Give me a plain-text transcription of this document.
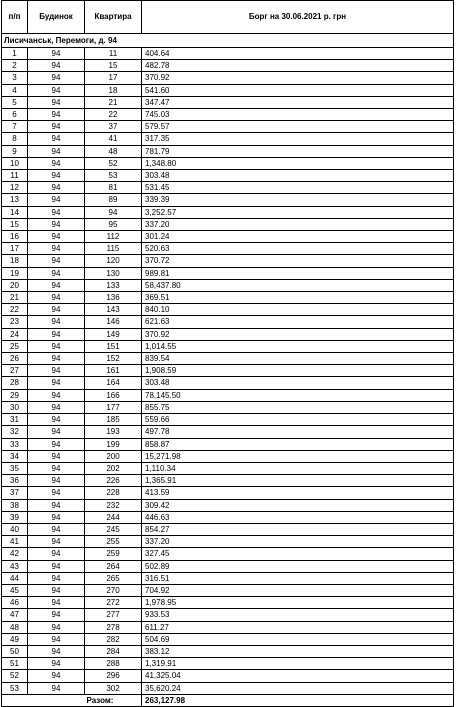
п/п	Будинок	Квартира	Борг на 30.06.2021 р. грн
Лисичанськ, Перемоги, д. 94			
1	94	11	404.64
2	94	15	482.78
3	94	17	370.92
4	94	18	541.60
5	94	21	347.47
6	94	22	745.03
7	94	37	579.57
8	94	41	317.35
9	94	48	781.79
10	94	52	1,348.80
11	94	53	303.48
12	94	81	531.45
13	94	89	339.39
14	94	94	3,252.57
15	94	95	337.20
16	94	112	301.24
17	94	115	520.63
18	94	120	370.72
19	94	130	989.81
20	94	133	58,437.80
21	94	136	369.51
22	94	143	840.10
23	94	146	621.63
24	94	149	370.92
25	94	151	1,014.55
26	94	152	839.54
27	94	161	1,908.59
28	94	164	303.48
29	94	166	78,145.50
30	94	177	855.75
31	94	185	559.66
32	94	193	497.78
33	94	199	858.87
34	94	200	15,271.98
35	94	202	1,110.34
36	94	226	1,365.91
37	94	228	413.59
38	94	232	309.42
39	94	244	446.63
40	94	245	854.27
41	94	255	337.20
42	94	259	327.45
43	94	264	502.89
44	94	265	316.51
45	94	270	704.92
46	94	272	1,978.95
47	94	277	933.53
48	94	278	611.27
49	94	282	504.69
50	94	284	383.12
51	94	288	1,319.91
52	94	296	41,325.04
53	94	302	35,620.24
Разом:			263,127.98
